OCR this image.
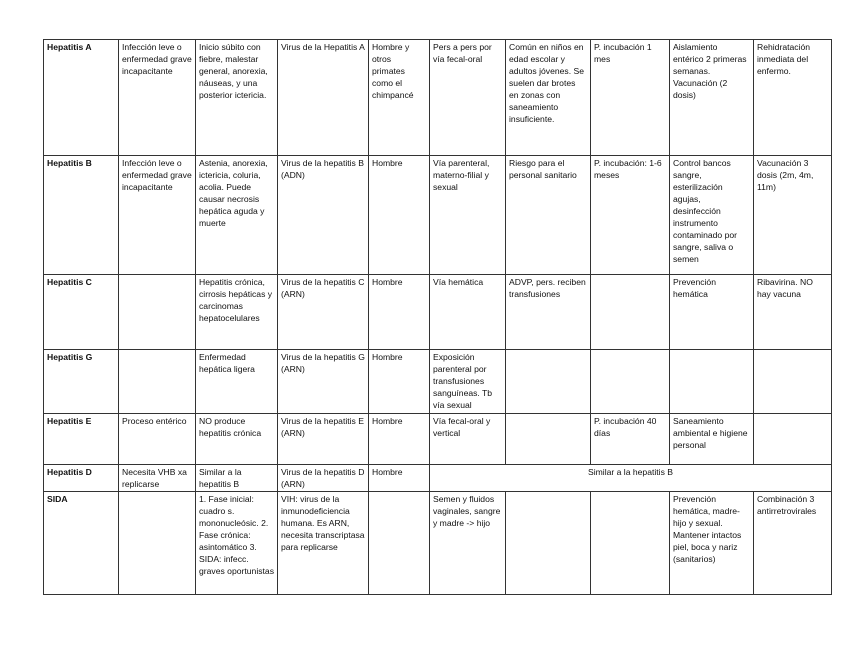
Hepatitis A	Infección leve o enfermedad grave incapacitante	Inicio súbito con fiebre, malestar general, anorexia, náuseas, y una posterior ictericia.	Virus de la Hepatitis A	Hombre y otros primates como el chimpancé	Pers a pers por vía fecal-oral	Común en niños en edad escolar y adultos jóvenes. Se suelen dar brotes en zonas con saneamiento insuficiente.	P. incubación 1 mes	Aislamiento entérico 2 primeras semanas. Vacunación (2 dosis)	Rehidratación inmediata del enfermo.
Hepatitis B	Infección leve o enfermedad grave incapacitante	Astenia, anorexia, ictericia, coluria, acolia. Puede causar necrosis hepática aguda y muerte	Virus de la hepatitis B (ADN)	Hombre	Vía parenteral, materno-filial y sexual	Riesgo para el personal sanitario	P. incubación: 1-6 meses	Control bancos sangre, esterilización agujas, desinfección instrumento contaminado por sangre, saliva o semen	Vacunación 3 dosis (2m, 4m, 11m)
Hepatitis C		Hepatitis crónica, cirrosis hepáticas y carcinomas hepatocelulares	Virus de la hepatitis C (ARN)	Hombre	Vía hemática	ADVP, pers. reciben transfusiones		Prevención hemática	Ribavirina. NO hay vacuna
Hepatitis G		Enfermedad hepática ligera	Virus de la hepatitis G (ARN)	Hombre	Exposición parenteral por transfusiones sanguíneas. Tb vía sexual				
Hepatitis E	Proceso entérico	NO produce hepatitis crónica	Virus de la hepatitis E (ARN)	Hombre	Vía fecal-oral y vertical		P. incubación 40 días	Saneamiento ambiental e higiene personal	
Hepatitis D	Necesita VHB xa replicarse	Similar a la hepatitis B	Virus de la hepatitis D (ARN)	Hombre	Similar a la hepatitis B				
SIDA		1. Fase inicial: cuadro s. mononucleósic. 2. Fase crónica: asintomático 3. SIDA: infecc. graves oportunistas	VIH: virus de la inmunodeficiencia humana. Es ARN, necesita transcriptasa para replicarse		Semen y fluidos vaginales, sangre y madre -> hijo			Prevención hemática, madre-hijo y sexual. Mantener intactos piel, boca y nariz (sanitarios)	Combinación 3 antirretrovirales
